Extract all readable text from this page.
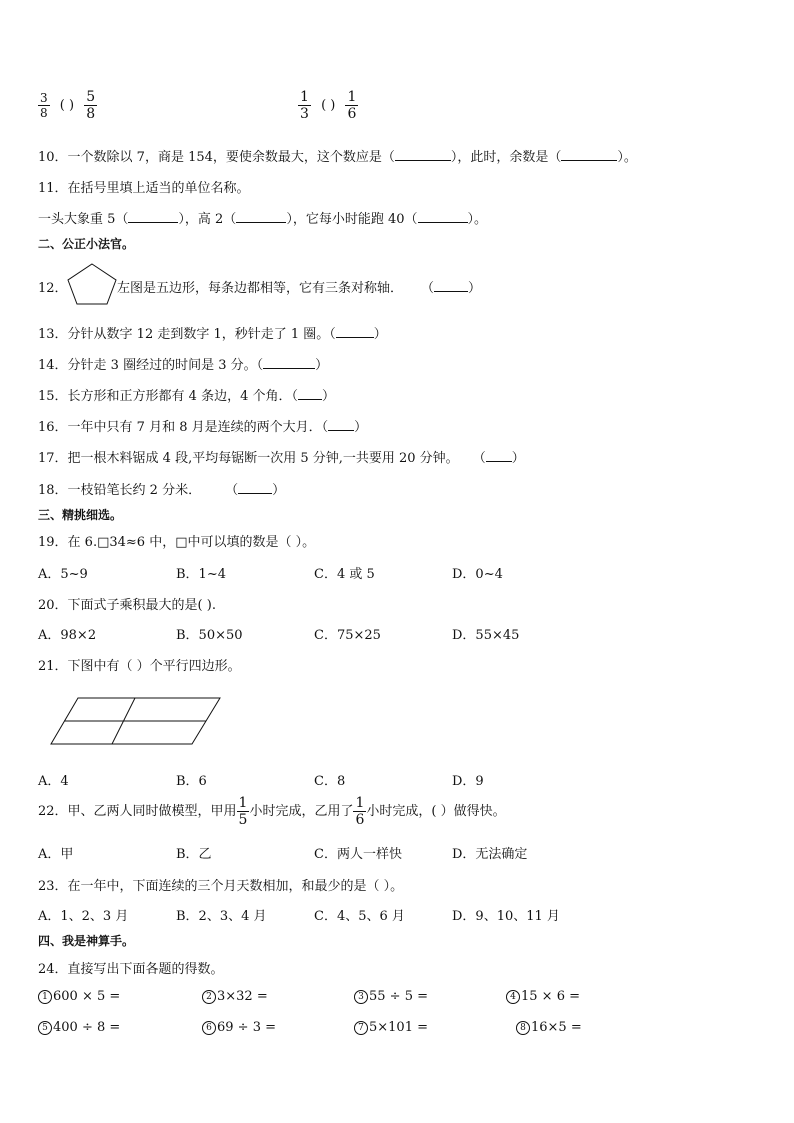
$\frac{3}{8}$ ( ) $\frac{5}{8}$	$\frac{1}{3}$ ( ) $\frac{1}{6}$
10．一个数除以 7，商是 154，要使余数最大，这个数应是（	），此时，余数是（	）。
11．在括号里填上适当的单位名称。
一头大象重 5（	），高 2（	），它每小时能跑 40（	）。
二、公正小法官。
12．	左图是五边形，每条边都相等，它有三条对称轴． （	）
13．分针从数字 12 走到数字 1，秒针走了 1 圈。（	）
14．分针走 3 圈经过的时间是 3 分。（	）
15．长方形和正方形都有 4 条边，4 个角．（ ）
16．一年中只有 7 月和 8 月是连续的两个大月．（ ）
17．把一根木料锯成 4 段,平均每锯断一次用 5 分钟,一共要用 20 分钟。 （ ）
18．一枝铅笔长约 2 分米． （	）
三、精挑细选。
19．在 6.□34≈6 中，□中可以填的数是（ ）。
A．5~9	B．1~4	C．4 或 5	D．0~4
20．下面式子乘积最大的是( ).
A．98×2	B．50×50	C．75×25	D．55×45
21．下图中有（ ）个平行四边形。
A．4	B．6	C．8	D．9
22．甲、乙两人同时做模型，甲用 $\frac{1}{5}$ 小时完成，乙用了 $\frac{1}{6}$ 小时完成，( ）做得快。
A．甲	B．乙	C．两人一样快	D．无法确定
23．在一年中，下面连续的三个月天数相加，和最少的是（ ）。
A．1、2、3 月	B．2、3、4 月	C．4、5、6 月	D．9、10、11 月
四、我是神算手。
24．直接写出下面各题的得数。
1 600 × 5 =	2 3×32 =	3 55 ÷ 5 =	4 15 × 6 =
5 400 ÷ 8 =	6 69 ÷ 3 =	7 5×101 =	8 16×5 =
